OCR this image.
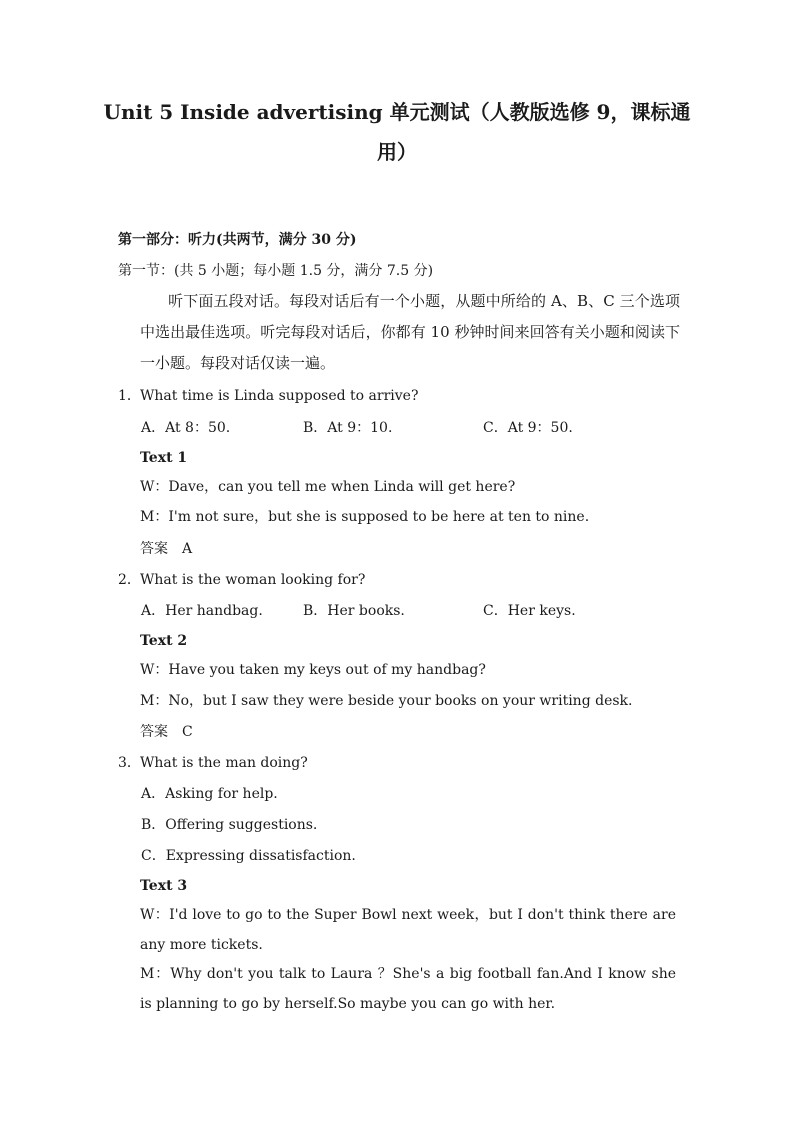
Unit 5 Inside advertising 单元测试（人教版选修 9，课标通
用）
第一部分：听力(共两节，满分 30 分)
第一节：(共 5 小题；每小题 1.5 分，满分 7.5 分)
听下面五段对话。每段对话后有一个小题，从题中所给的 A、B、C 三个选项中选出最佳选项。听完每段对话后，你都有 10 秒钟时间来回答有关小题和阅读下一小题。每段对话仅读一遍。
1． What time is Linda supposed to arrive?
A．At 8：50.	B．At 9：10.	C．At 9：50.
Text 1
W：Dave，can you tell me when Linda will get here?
M：I'm not sure，but she is supposed to be here at ten to nine.
答案　A
2． What is the woman looking for?
A．Her handbag.	B．Her books.	C．Her keys.
Text 2
W：Have you taken my keys out of my handbag?
M：No，but I saw they were beside your books on your writing desk.
答案　C
3． What is the man doing?
A．Asking for help.
B．Offering suggestions.
C．Expressing dissatisfaction.
Text 3
W：I'd love to go to the Super Bowl next week，but I don't think there are any more tickets.
M：Why don't you talk to Laura ？She's a big football fan.And I know she is planning to go by herself.So maybe you can go with her.
